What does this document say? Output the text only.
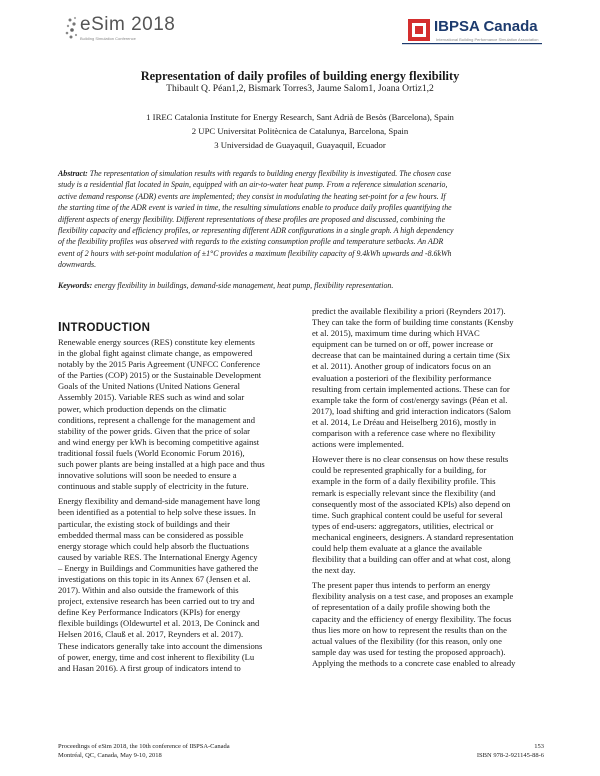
eSim 2018
Building Simulation Conference
IBPSA Canada
International Building Performance Simulation Association
Representation of daily profiles of building energy flexibility
Thibault Q. Péan1,2, Bismark Torres3, Jaume Salom1, Joana Ortiz1,2
1 IREC Catalonia Institute for Energy Research, Sant Adrià de Besòs (Barcelona), Spain
2 UPC Universitat Politècnica de Catalunya, Barcelona, Spain
3 Universidad de Guayaquil, Guayaquil, Ecuador
Abstract: The representation of simulation results with regards to building energy flexibility is investigated. The chosen case
study is a residential flat located in Spain, equipped with an air-to-water heat pump. From a reference simulation scenario,
active demand response (ADR) events are implemented; they consist in modulating the heating set-point for a few hours. If
the starting time of the ADR event is varied in time, the resulting simulations enable to produce daily profiles quantifying the
different aspects of energy flexibility. Different representations of these profiles are proposed and discussed, combining the
flexibility capacity and efficiency profiles, or representing different ADR configurations in a single graph. A high dependency
of the flexibility profiles was observed with regards to the existing consumption profile and temperature setbacks. An ADR
event of 2 hours with set-point modulation of ±1°C provides a maximum flexibility capacity of 9.4kWh upwards and -8.6kWh
downwards.
Keywords: energy flexibility in buildings, demand-side management, heat pump, flexibility representation.
INTRODUCTION
Renewable energy sources (RES) constitute key elements
in the global fight against climate change, as empowered
notably by the 2015 Paris Agreement (UNFCC Conference
of the Parties (COP) 2015) or the Sustainable Development
Goals of the United Nations (United Nations General
Assembly 2015). Variable RES such as wind and solar
power, which production depends on the climatic
conditions, represent a challenge for the management and
stability of the power grids. Given that the price of solar
and wind energy per kWh is becoming competitive against
traditional fossil fuels (World Economic Forum 2016),
such power plants are being installed at a high pace and thus
innovative solutions will soon be needed to ensure a
continuous and stable supply of electricity in the future.
Energy flexibility and demand-side management have long
been identified as a potential to help solve these issues. In
particular, the existing stock of buildings and their
embedded thermal mass can be considered as possible
energy storage which could help absorb the fluctuations
caused by variable RES. The International Energy Agency
– Energy in Buildings and Communities have gathered the
investigations on this topic in its Annex 67 (Jensen et al.
2017). Within and also outside the framework of this
project, extensive research has been carried out to try and
define Key Performance Indicators (KPIs) for energy
flexible buildings (Oldewurtel et al. 2013, De Coninck and
Helsen 2016, Clauß et al. 2017, Reynders et al. 2017).
These indicators generally take into account the dimensions
of power, energy, time and cost inherent to flexibility (Lu
and Hasan 2016). A first group of indicators intend to
predict the available flexibility a priori (Reynders 2017).
They can take the form of building time constants (Kensby
et al. 2015), maximum time during which HVAC
equipment can be turned on or off, power increase or
decrease that can be maintained during a certain time (Six
et al. 2011). Another group of indicators focus on an
evaluation a posteriori of the flexibility performance
resulting from certain implemented actions. These can for
example take the form of cost/energy savings (Péan et al.
2017), load shifting and grid interaction indicators (Salom
et al. 2014, Le Dréau and Heiselberg 2016), mostly in
comparison with a reference case where no flexibility
actions were implemented.
However there is no clear consensus on how these results
could be represented graphically for a building, for
example in the form of a daily flexibility profile. This
remark is especially relevant since the flexibility (and
consequently most of the associated KPIs) also depend on
time. Such graphical content could be useful for several
types of end-users: aggregators, utilities, electrical or
mechanical engineers, designers. A standard representation
could help them evaluate at a glance the available
flexibility that a building can offer and at what cost, along
the next day.
The present paper thus intends to perform an energy
flexibility analysis on a test case, and proposes an example
of representation of a daily profile showing both the
capacity and the efficiency of energy flexibility. The focus
thus lies more on how to represent the results than on the
actual values of the flexibility (for this reason, only one
sample day was used for testing the proposed approach).
Applying the methods to a concrete case enabled to already
Proceedings of eSim 2018, the 10th conference of IBPSA-Canada
Montréal, QC, Canada, May 9-10, 2018
153
ISBN 978-2-921145-88-6
